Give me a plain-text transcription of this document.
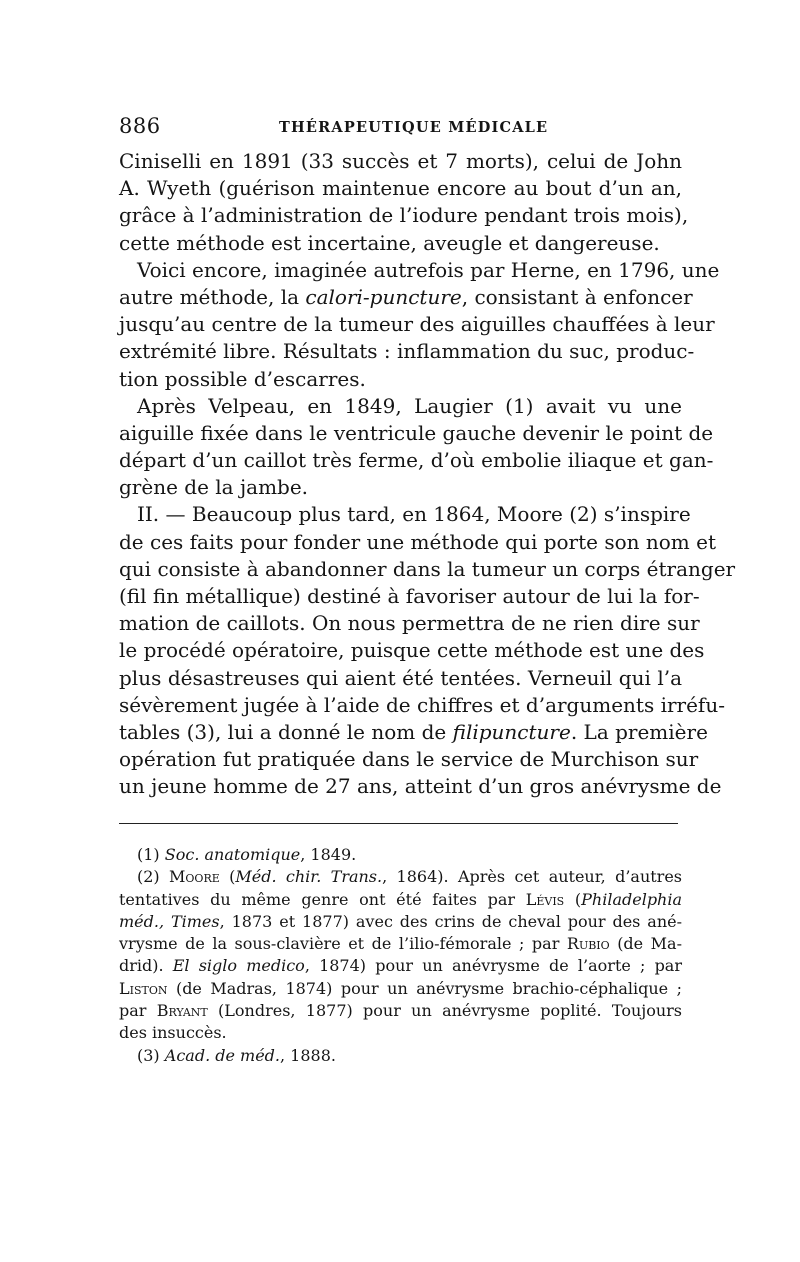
886	THÉRAPEUTIQUE MÉDICALE
Ciniselli en 1891 (33 succès et 7 morts), celui de John
A. Wyeth (guérison maintenue encore au bout d’un an,
grâce à l’administration de l’iodure pendant trois mois),
cette méthode est incertaine, aveugle et dangereuse.
Voici encore, imaginée autrefois par Herne, en 1796, une
autre méthode, la calori-puncture, consistant à enfoncer
jusqu’au centre de la tumeur des aiguilles chauffées à leur
extrémité libre. Résultats : inflammation du suc, produc-
tion possible d’escarres.
Après Velpeau, en 1849, Laugier (1) avait vu une
aiguille fixée dans le ventricule gauche devenir le point de
départ d’un caillot très ferme, d’où embolie iliaque et gan-
grène de la jambe.
II. — Beaucoup plus tard, en 1864, Moore (2) s’inspire
de ces faits pour fonder une méthode qui porte son nom et
qui consiste à abandonner dans la tumeur un corps étranger
(fil fin métallique) destiné à favoriser autour de lui la for-
mation de caillots. On nous permettra de ne rien dire sur
le procédé opératoire, puisque cette méthode est une des
plus désastreuses qui aient été tentées. Verneuil qui l’a
sévèrement jugée à l’aide de chiffres et d’arguments irréfu-
tables (3), lui a donné le nom de filipuncture. La première
opération fut pratiquée dans le service de Murchison sur
un jeune homme de 27 ans, atteint d’un gros anévrysme de
(1) Soc. anatomique, 1849.
(2) Moore (Méd. chir. Trans., 1864). Après cet auteur, d’autres
tentatives du même genre ont été faites par Lévis (Philadelphia
méd., Times, 1873 et 1877) avec des crins de cheval pour des ané-
vrysme de la sous-clavière et de l’ilio-fémorale ; par Rubio (de Ma-
drid). El siglo medico, 1874) pour un anévrysme de l’aorte ; par
Liston (de Madras, 1874) pour un anévrysme brachio-céphalique ;
par Bryant (Londres, 1877) pour un anévrysme poplité. Toujours
des insuccès.
(3) Acad. de méd., 1888.
